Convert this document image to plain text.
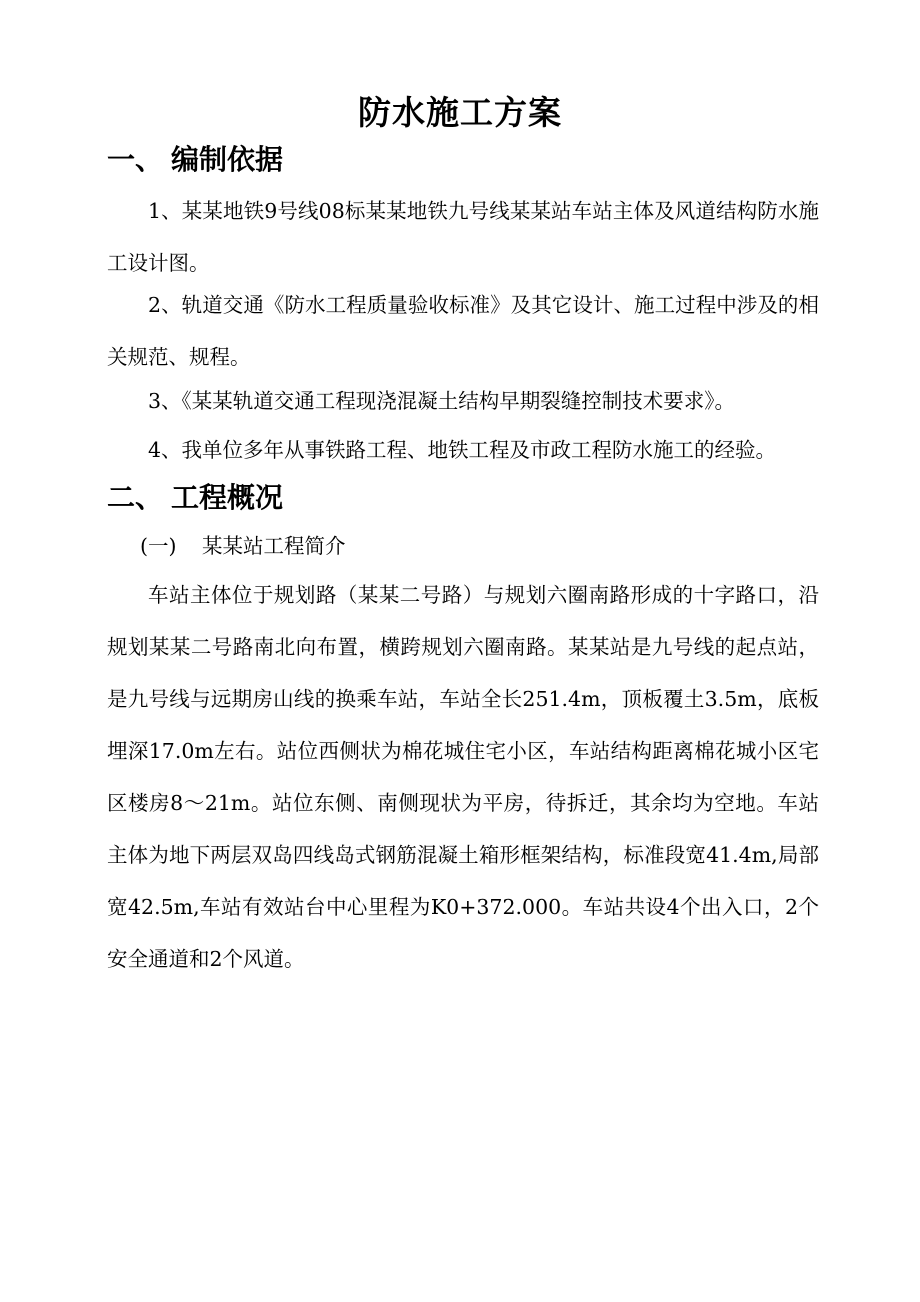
防水施工方案
一、 编制依据

1、某某地铁9号线08标某某地铁九号线某某站车站主体及风道结构防水施工设计图。

2、轨道交通《防水工程质量验收标准》及其它设计、施工过程中涉及的相关规范、规程。

3、《某某轨道交通工程现浇混凝土结构早期裂缝控制技术要求》。

4、我单位多年从事铁路工程、地铁工程及市政工程防水施工的经验。

二、 工程概况
(一) 某某站工程简介

车站主体位于规划路（某某二号路）与规划六圈南路形成的十字路口，沿规划某某二号路南北向布置，横跨规划六圈南路。某某站是九号线的起点站，是九号线与远期房山线的换乘车站，车站全长251.4m，顶板覆土3.5m，底板埋深17.0m左右。站位西侧状为棉花城住宅小区，车站结构距离棉花城小区宅区楼房8～21m。站位东侧、南侧现状为平房，待拆迁，其余均为空地。车站主体为地下两层双岛四线岛式钢筋混凝土箱形框架结构，标准段宽41.4m,局部宽42.5m,车站有效站台中心里程为K0+372.000。车站共设4个出入口，2个安全通道和2个风道。
